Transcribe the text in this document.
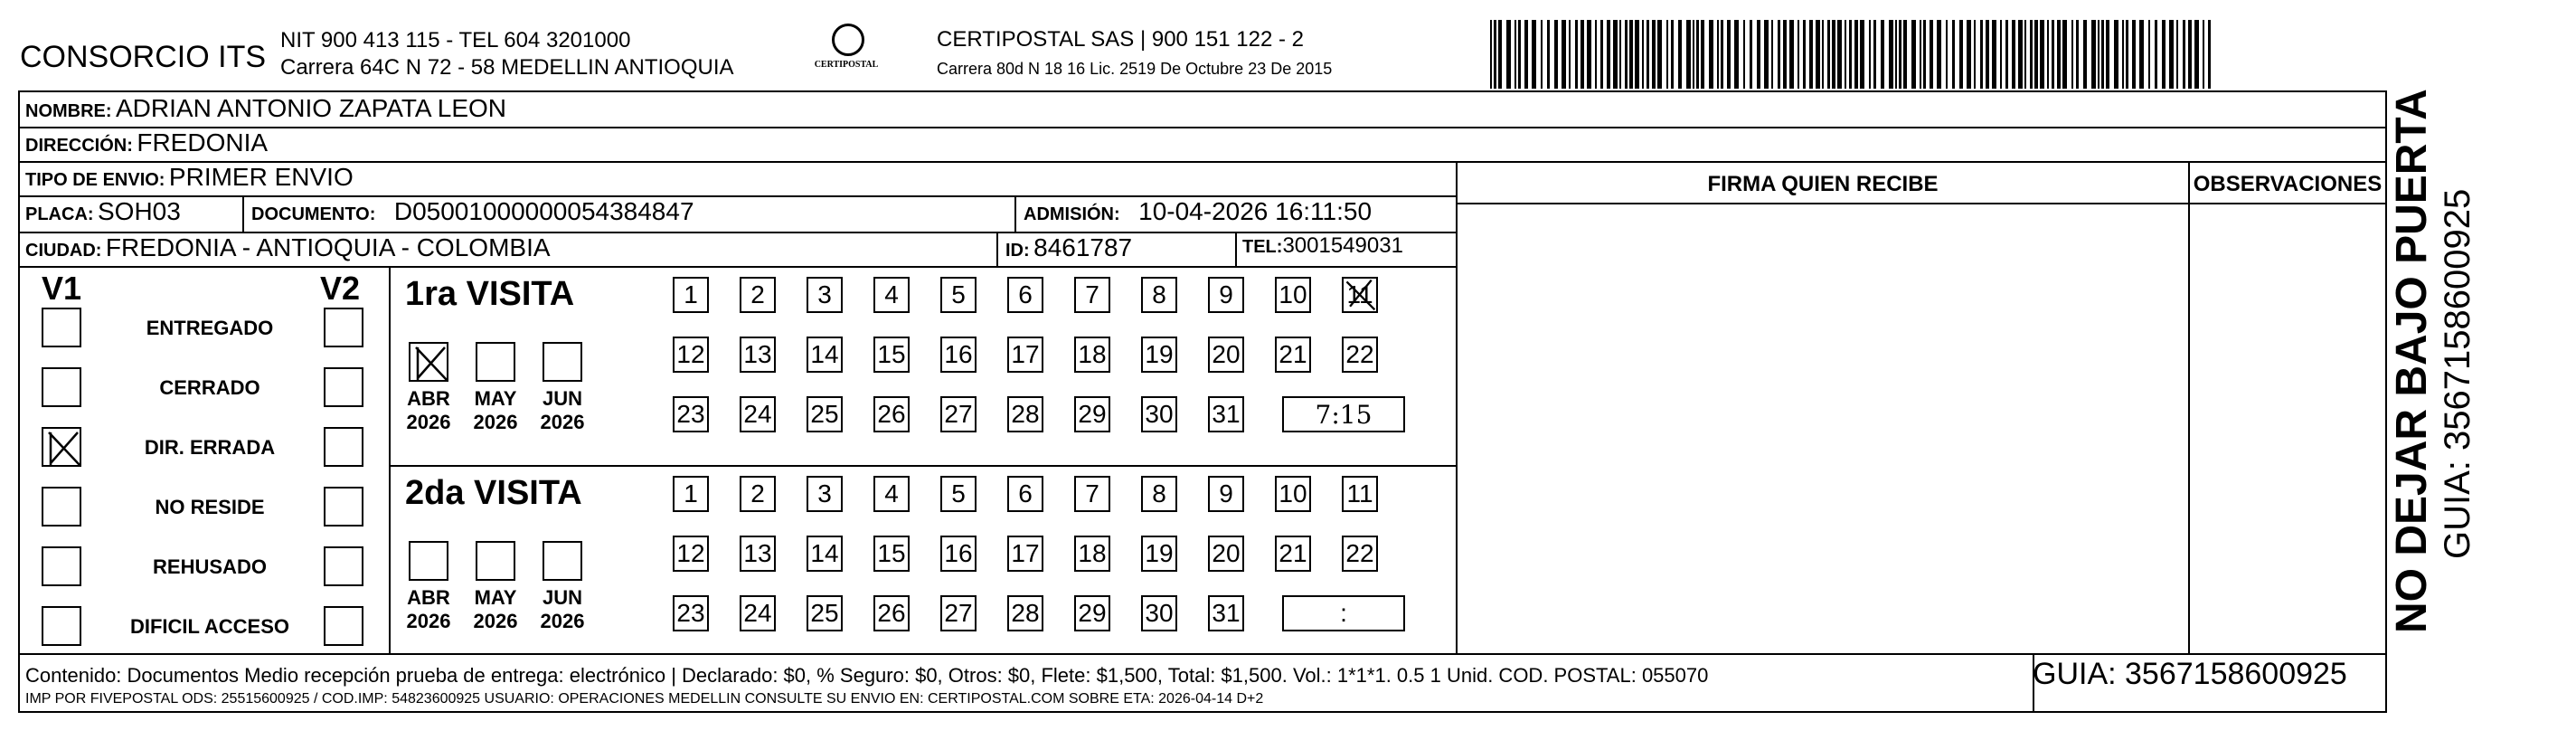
CONSORCIO ITS NIT 900 413 115 - TEL 604 3201000
Carrera 64C N 72 - 58 MEDELLIN ANTIOQUIA	CERTIPOSTAL
CERTIPOSTAL SAS | 900 151 122 - 2
Carrera 80d N 18 16 Lic. 2519 De Octubre 23 De 2015
NOMBRE: ADRIAN ANTONIO ZAPATA LEON
DIRECCIÓN: FREDONIA
TIPO DE ENVIO: PRIMER ENVIO
PLACA: SOH03	DOCUMENTO: D05001000000054384847	ADMISIÓN: 10-04-2026 16:11:50
CIUDAD: FREDONIA - ANTIOQUIA - COLOMBIA	ID: 8461787	TEL:3001549031
FIRMA QUIEN RECIBE	OBSERVACIONES
V1	V2
ENTREGADO
CERRADO
DIR. ERRADA
NO RESIDE
REHUSADO
DIFICIL ACCESO
1ra VISITA
ABR
2026
MAY
2026
JUN
2026
1 2 3 4 5 6 7 8 9 10 11
12 13 14 15 16 17 18 19 20 21 22
23 24 25 26 27 28 29 30 31	7:15
2da VISITA
ABR
2026
MAY
2026
JUN
2026
1 2 3 4 5 6 7 8 9 10 11
12 13 14 15 16 17 18 19 20 21 22
23 24 25 26 27 28 29 30 31	:
Contenido: Documentos Medio recepción prueba de entrega: electrónico | Declarado: $0, % Seguro: $0, Otros: $0, Flete: $1,500, Total: $1,500. Vol.: 1*1*1. 0.5 1 Unid. COD. POSTAL: 055070
IMP POR FIVEPOSTAL ODS: 25515600925 / COD.IMP: 54823600925 USUARIO: OPERACIONES MEDELLIN CONSULTE SU ENVIO EN: CERTIPOSTAL.COM SOBRE ETA: 2026-04-14 D+2
GUIA: 3567158600925
NO DEJAR BAJO PUERTA GUIA: 3567158600925
